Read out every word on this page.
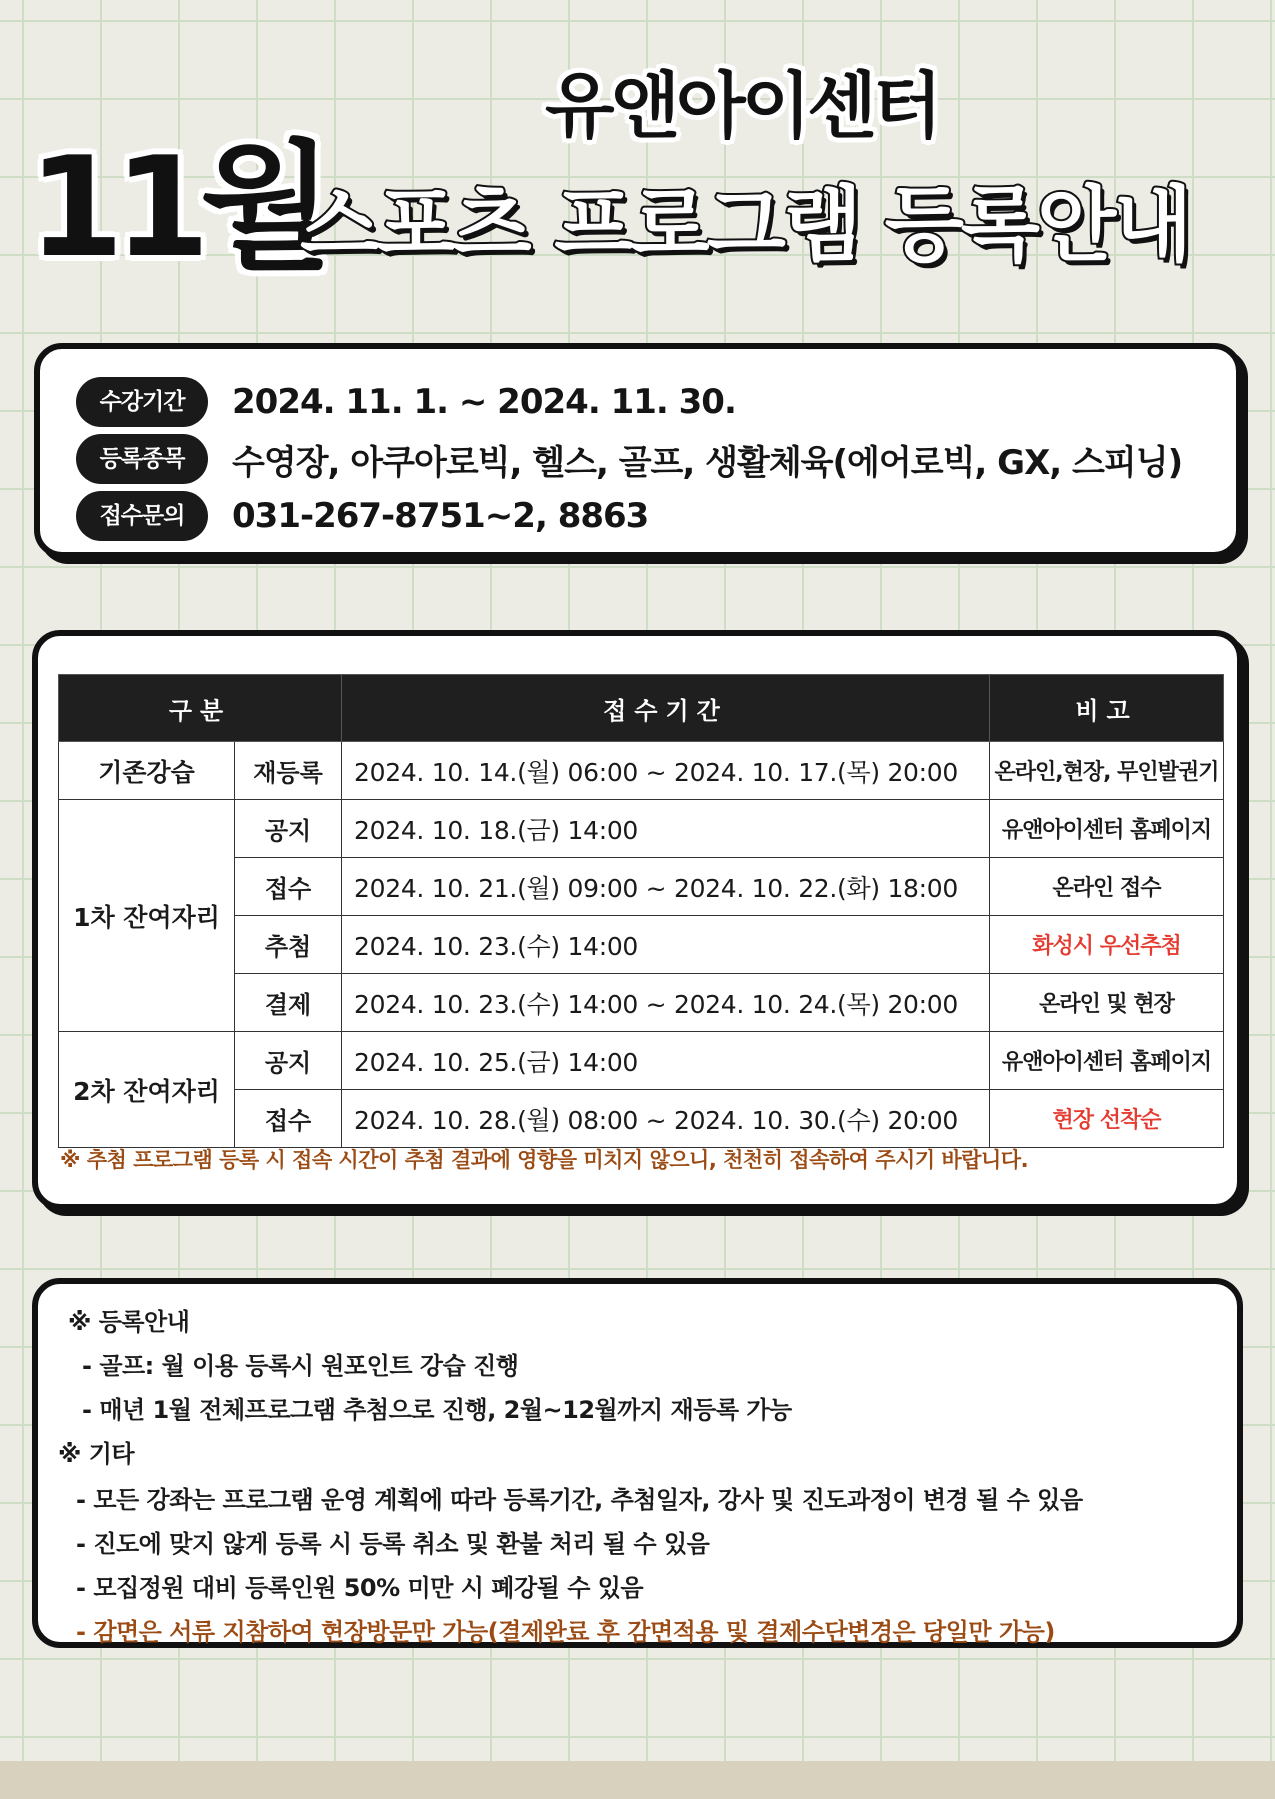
유앤아이센터
11월
스포츠 프로그램 등록안내
수강기간	2024. 11. 1. ~ 2024. 11. 30.
등록종목	수영장, 아쿠아로빅, 헬스, 골프, 생활체육(에어로빅, GX, 스피닝)
접수문의	031-267-8751~2, 8863
구분		접수기간	비고
기존강습	재등록	2024. 10. 14.(월) 06:00 ~ 2024. 10. 17.(목) 20:00	온라인,현장, 무인발권기
1차 잔여자리	공지	2024. 10. 18.(금) 14:00	유앤아이센터 홈페이지
	접수	2024. 10. 21.(월) 09:00 ~ 2024. 10. 22.(화) 18:00	온라인 접수
	추첨	2024. 10. 23.(수) 14:00	화성시 우선추첨
	결제	2024. 10. 23.(수) 14:00 ~ 2024. 10. 24.(목) 20:00	온라인 및 현장
2차 잔여자리	공지	2024. 10. 25.(금) 14:00	유앤아이센터 홈페이지
	접수	2024. 10. 28.(월) 08:00 ~ 2024. 10. 30.(수) 20:00	현장 선착순
※ 추첨 프로그램 등록 시 접속 시간이 추첨 결과에 영향을 미치지 않으니, 천천히 접속하여 주시기 바랍니다.
※ 등록안내
- 골프: 월 이용 등록시 원포인트 강습 진행
- 매년 1월 전체프로그램 추첨으로 진행, 2월~12월까지 재등록 가능
※ 기타
- 모든 강좌는 프로그램 운영 계획에 따라 등록기간, 추첨일자, 강사 및 진도과정이 변경 될 수 있음
- 진도에 맞지 않게 등록 시 등록 취소 및 환불 처리 될 수 있음
- 모집정원 대비 등록인원 50% 미만 시 폐강될 수 있음
- 감면은 서류 지참하여 현장방문만 가능(결제완료 후 감면적용 및 결제수단변경은 당일만 가능)
